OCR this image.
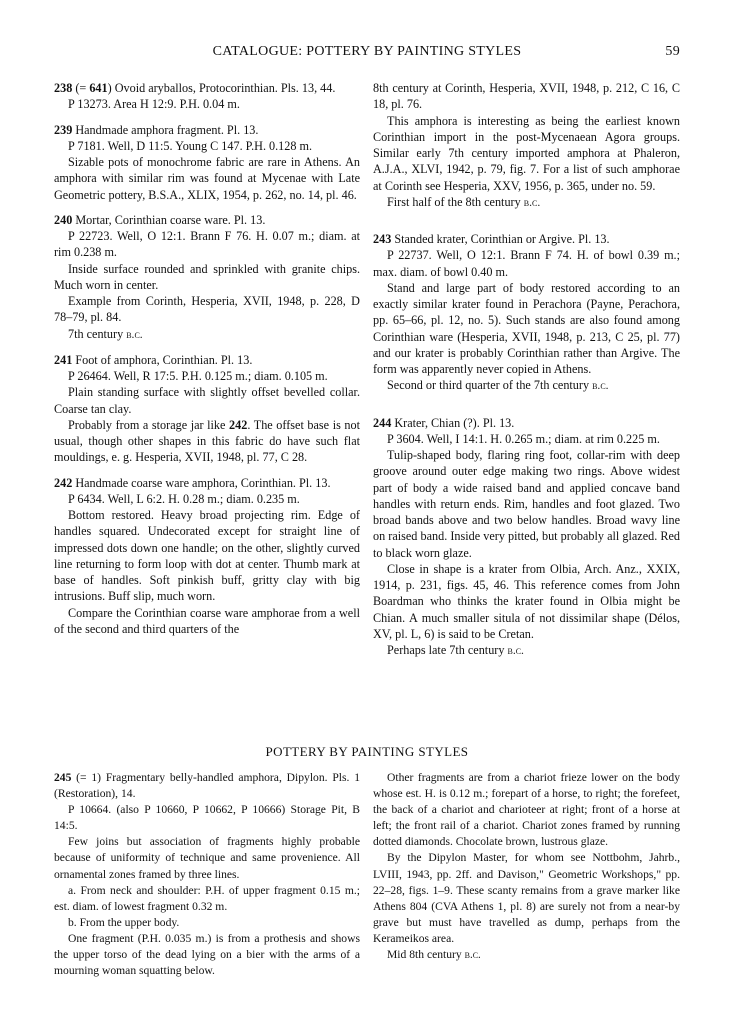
CATALOGUE: POTTERY BY PAINTING STYLES	59

238 (= 641) Ovoid aryballos, Protocorinthian. Pls. 13, 44.

P 13273. Area H 12:9. P.H. 0.04 m.

239 Handmade amphora fragment. Pl. 13.

P 7181. Well, D 11:5. Young C 147. P.H. 0.128 m.

Sizable pots of monochrome fabric are rare in Athens. An amphora with similar rim was found at Mycenae with Late Geometric pottery, B.S.A., XLIX, 1954, p. 262, no. 14, pl. 46.

240 Mortar, Corinthian coarse ware. Pl. 13.

P 22723. Well, O 12:1. Brann F 76. H. 0.07 m.; diam. at rim 0.238 m.

Inside surface rounded and sprinkled with granite chips. Much worn in center.

Example from Corinth, Hesperia, XVII, 1948, p. 228, D 78–79, pl. 84.

7th century b.c.

241 Foot of amphora, Corinthian. Pl. 13.

P 26464. Well, R 17:5. P.H. 0.125 m.; diam. 0.105 m.

Plain standing surface with slightly offset bevelled collar. Coarse tan clay.

Probably from a storage jar like 242. The offset base is not usual, though other shapes in this fabric do have such flat mouldings, e. g. Hesperia, XVII, 1948, pl. 77, C 28.

242 Handmade coarse ware amphora, Corinthian. Pl. 13.

P 6434. Well, L 6:2. H. 0.28 m.; diam. 0.235 m.

Bottom restored. Heavy broad projecting rim. Edge of handles squared. Undecorated except for straight line of impressed dots down one handle; on the other, slightly curved line returning to form loop with dot at center. Thumb mark at base of handles. Soft pinkish buff, gritty clay with big intrusions. Buff slip, much worn.

Compare the Corinthian coarse ware amphorae from a well of the second and third quarters of the

8th century at Corinth, Hesperia, XVII, 1948, p. 212, C 16, C 18, pl. 76.

This amphora is interesting as being the earliest known Corinthian import in the post-Mycenaean Agora groups. Similar early 7th century imported amphora at Phaleron, A.J.A., XLVI, 1942, p. 79, fig. 7. For a list of such amphorae at Corinth see Hesperia, XXV, 1956, p. 365, under no. 59.

First half of the 8th century b.c.

243 Standed krater, Corinthian or Argive. Pl. 13.

P 22737. Well, O 12:1. Brann F 74. H. of bowl 0.39 m.; max. diam. of bowl 0.40 m.

Stand and large part of body restored according to an exactly similar krater found in Perachora (Payne, Perachora, pp. 65–66, pl. 12, no. 5). Such stands are also found among Corinthian ware (Hesperia, XVII, 1948, p. 213, C 25, pl. 77) and our krater is probably Corinthian rather than Argive. The form was apparently never copied in Athens.

Second or third quarter of the 7th century b.c.

244 Krater, Chian (?). Pl. 13.

P 3604. Well, I 14:1. H. 0.265 m.; diam. at rim 0.225 m.

Tulip-shaped body, flaring ring foot, collar-rim with deep groove around outer edge making two rings. Above widest part of body a wide raised band and applied concave band handles with return ends. Rim, handles and foot glazed. Two broad bands above and two below handles. Broad wavy line on raised band. Inside very pitted, but probably all glazed. Red to black worn glaze.

Close in shape is a krater from Olbia, Arch. Anz., XXIX, 1914, p. 231, figs. 45, 46. This reference comes from John Boardman who thinks the krater found in Olbia might be Chian. A much smaller situla of not dissimilar shape (Délos, XV, pl. L, 6) is said to be Cretan.

Perhaps late 7th century b.c.

POTTERY BY PAINTING STYLES

245 (= 1) Fragmentary belly-handled amphora, Dipylon. Pls. 1 (Restoration), 14.

P 10664. (also P 10660, P 10662, P 10666) Storage Pit, B 14:5.

Few joins but association of fragments highly probable because of uniformity of technique and same provenience. All ornamental zones framed by three lines.

a. From neck and shoulder: P.H. of upper fragment 0.15 m.; est. diam. of lowest fragment 0.32 m.

b. From the upper body.

One fragment (P.H. 0.035 m.) is from a prothesis and shows the upper torso of the dead lying on a bier with the arms of a mourning woman squatting below.

Other fragments are from a chariot frieze lower on the body whose est. H. is 0.12 m.; forepart of a horse, to right; the forefeet, the back of a chariot and charioteer at right; front of a horse at left; the front rail of a chariot. Chariot zones framed by running dotted diamonds. Chocolate brown, lustrous glaze.

By the Dipylon Master, for whom see Nottbohm, Jahrb., LVIII, 1943, pp. 2ff. and Davison," Geometric Workshops," pp. 22–28, figs. 1–9. These scanty remains from a grave marker like Athens 804 (CVA Athens 1, pl. 8) are surely not from a near-by grave but must have travelled as dump, perhaps from the Kerameikos area.

Mid 8th century b.c.
